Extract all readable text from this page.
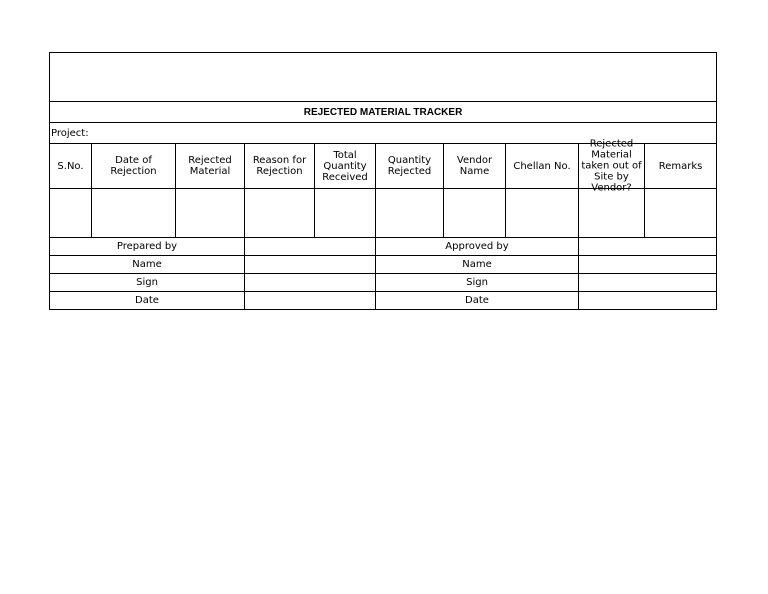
REJECTED MATERIAL TRACKER									
Project:									
S.No.	Date of Rejection	Rejected Material	Reason for Rejection	Total Quantity Received	Quantity Rejected	Vendor Name	Chellan No.	Rejected Material taken out of Site by Vendor?	Remarks

Prepared by					Approved by				
Name					Name				
Sign					Sign				
Date					Date				
